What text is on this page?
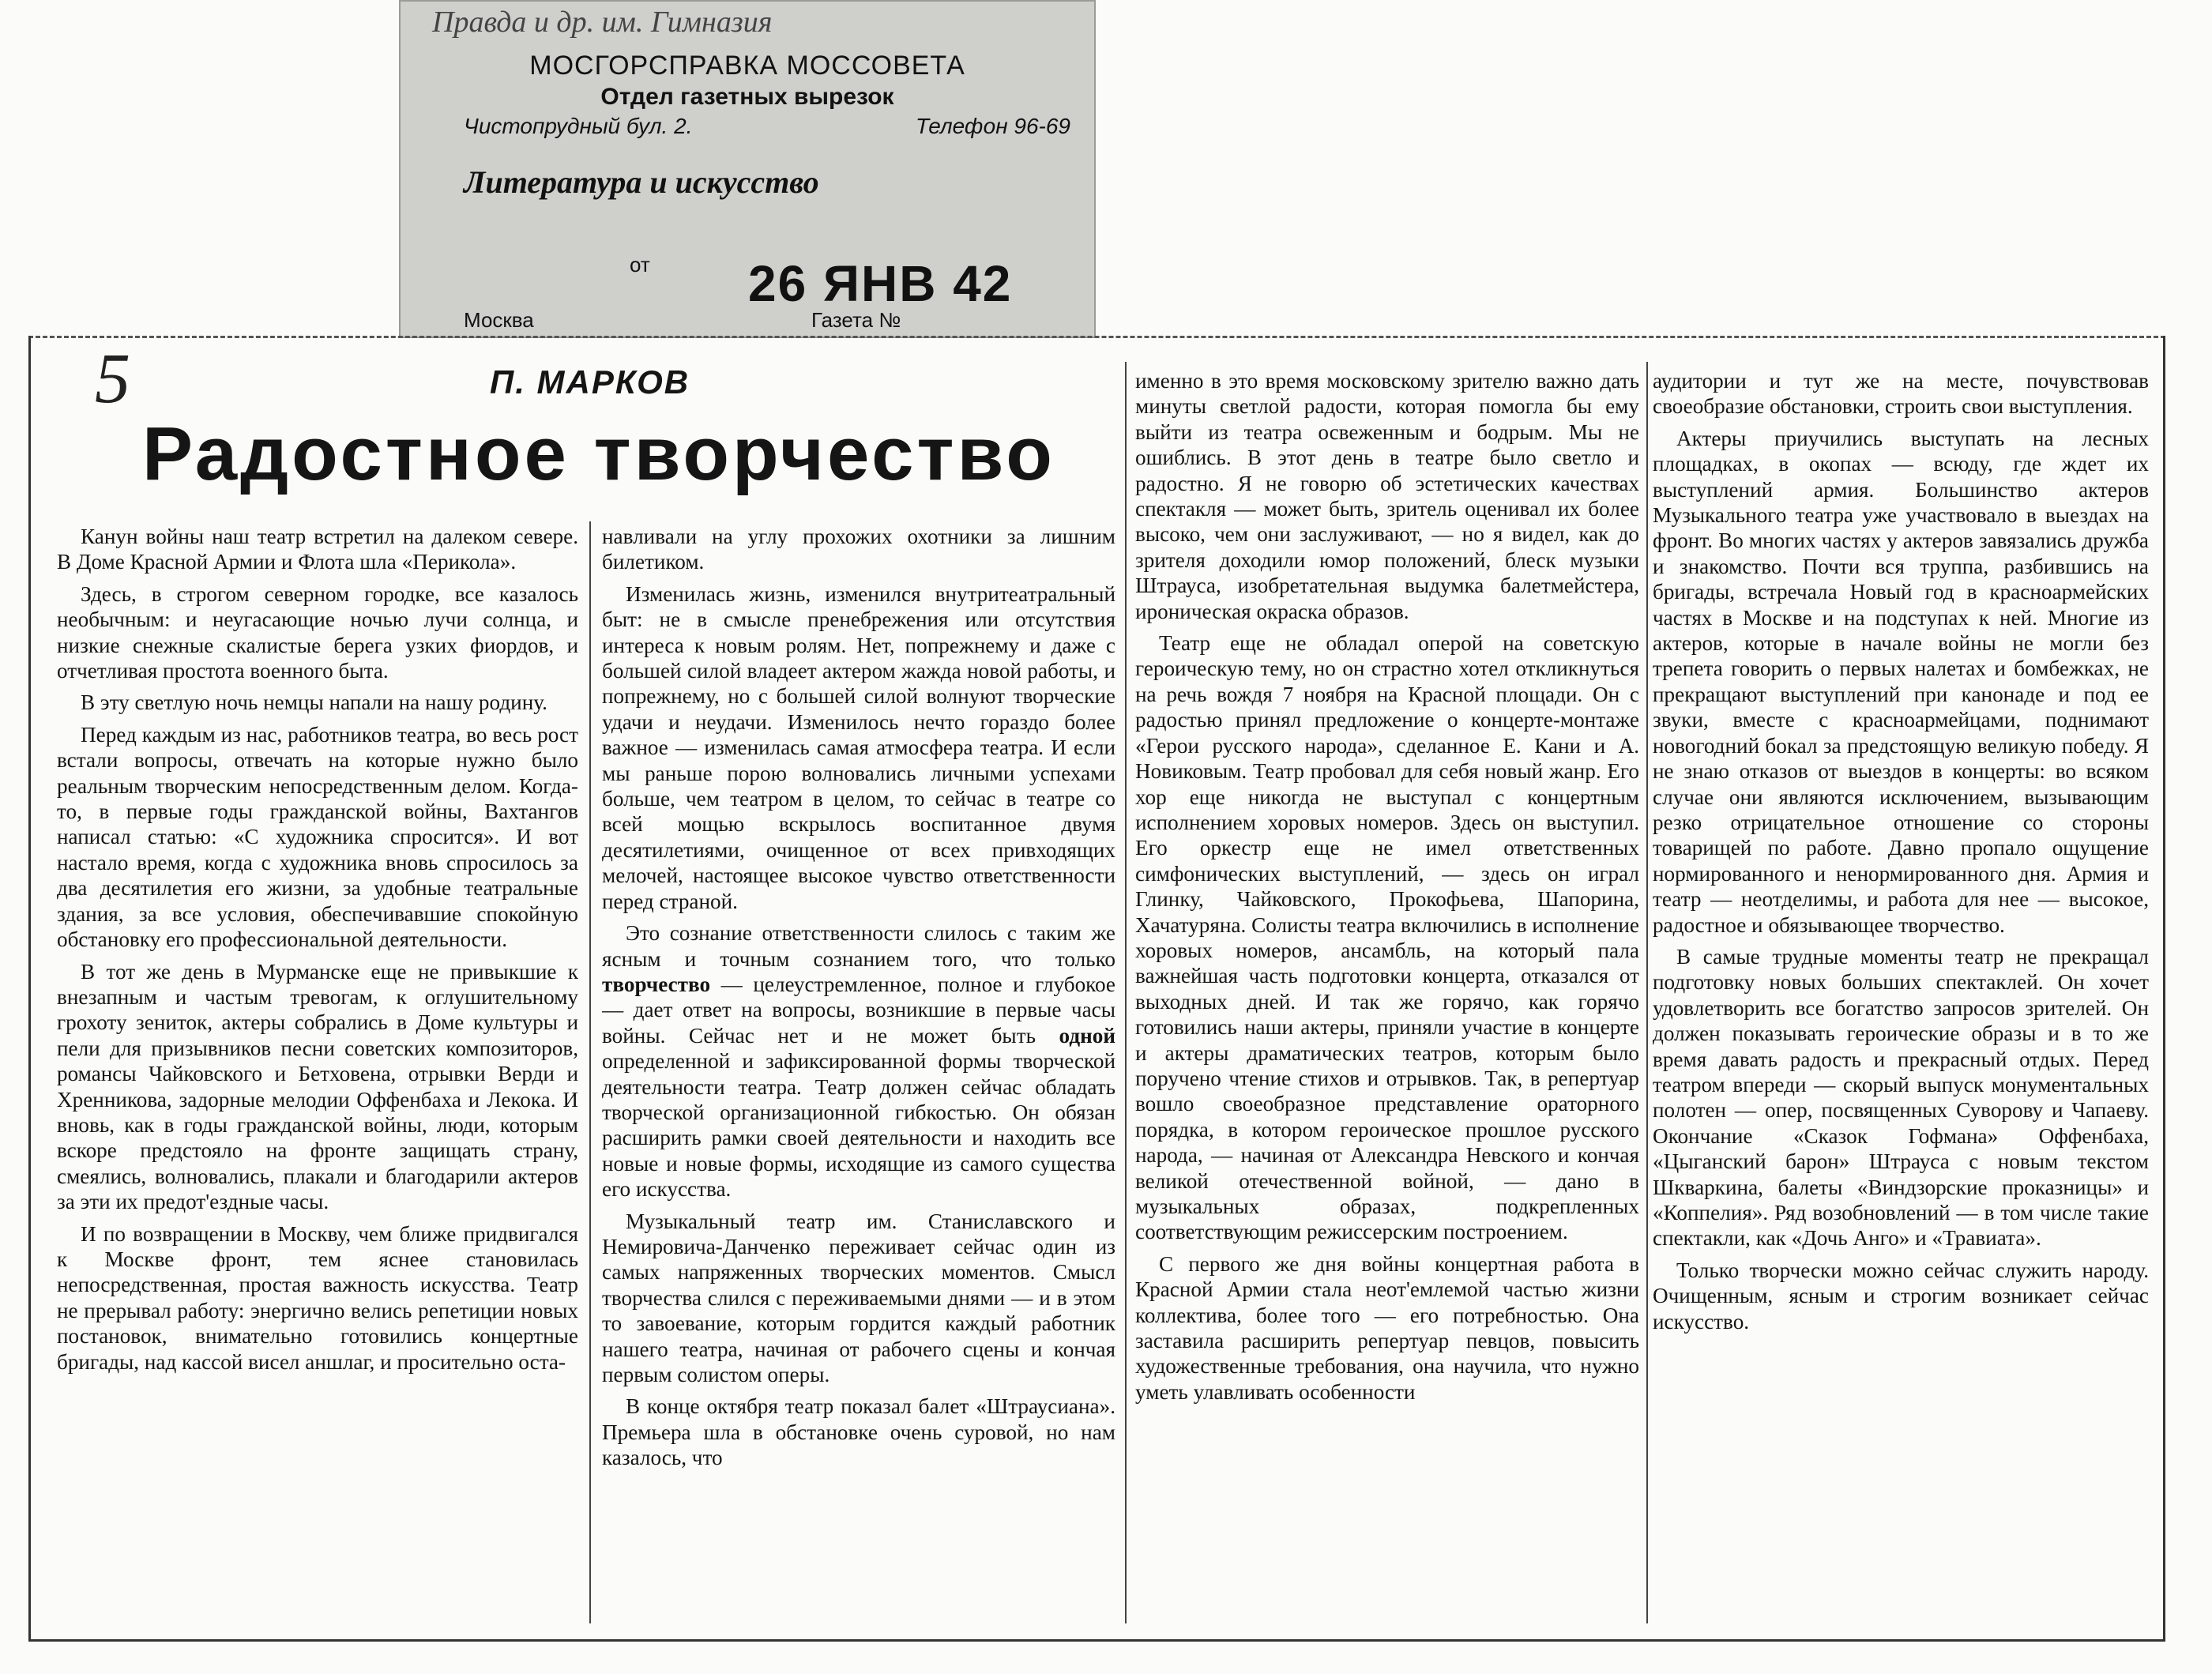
Правда и др. им. Гимназия
МОСГОРСПРАВКА МОССОВЕТА
Отдел газетных вырезок
Чистопрудный бул. 2.	Телефон 96-69
Литература и искусство
от 26 ЯНВ 42
Москва	Газета №
5	П. МАРКОВ
Радостное творчество

Канун войны наш театр встретил на далеком севере. В Доме Красной Армии и Флота шла «Перикола».

Здесь, в строгом северном городке, все казалось необычным: и неугасающие ночью лучи солнца, и низкие снежные скалистые берега узких фиордов, и отчетливая простота военного быта.

В эту светлую ночь немцы напали на нашу родину.

Перед каждым из нас, работников театра, во весь рост встали вопросы, отвечать на которые нужно было реальным творческим непосредственным делом. Когда-то, в первые годы гражданской войны, Вахтангов написал статью: «С художника спросится». И вот настало время, когда с художника вновь спросилось за два десятилетия его жизни, за удобные театральные здания, за все условия, обеспечивавшие спокойную обстановку его профессиональной деятельности.

В тот же день в Мурманске еще не привыкшие к внезапным и частым тревогам, к оглушительному грохоту зениток, актеры собрались в Доме культуры и пели для призывников песни советских композиторов, романсы Чайковского и Бетховена, отрывки Верди и Хренникова, задорные мелодии Оффенбаха и Лекока. И вновь, как в годы гражданской войны, люди, которым вскоре предстояло на фронте защищать страну, смеялись, волновались, плакали и благодарили актеров за эти их предот'ездные часы.

И по возвращении в Москву, чем ближе придвигался к Москве фронт, тем яснее становилась непосредственная, простая важность искусства. Театр не прерывал работу: энергично велись репетиции новых постановок, внимательно готовились концертные бригады, над кассой висел аншлаг, и просительно оста-

навливали на углу прохожих охотники за лишним билетиком.

Изменилась жизнь, изменился внутритеатральный быт: не в смысле пренебрежения или отсутствия интереса к новым ролям. Нет, попрежнему и даже с большей силой владеет актером жажда новой работы, и попрежнему, но с большей силой волнуют творческие удачи и неудачи. Изменилось нечто гораздо более важное — изменилась самая атмосфера театра. И если мы раньше порою волновались личными успехами больше, чем театром в целом, то сейчас в театре со всей мощью вскрылось воспитанное двумя десятилетиями, очищенное от всех привходящих мелочей, настоящее высокое чувство ответственности перед страной.

Это сознание ответственности слилось с таким же ясным и точным сознанием того, что только творчество — целеустремленное, полное и глубокое — дает ответ на вопросы, возникшие в первые часы войны. Сейчас нет и не может быть одной определенной и зафиксированной формы творческой деятельности театра. Театр должен сейчас обладать творческой организационной гибкостью. Он обязан расширить рамки своей деятельности и находить все новые и новые формы, исходящие из самого существа его искусства.

Музыкальный театр им. Станиславского и Немировича-Данченко переживает сейчас один из самых напряженных творческих моментов. Смысл творчества слился с переживаемыми днями — и в этом то завоевание, которым гордится каждый работник нашего театра, начиная от рабочего сцены и кончая первым солистом оперы.

В конце октября театр показал балет «Штраусиана». Премьера шла в обстановке очень суровой, но нам казалось, что

именно в это время московскому зрителю важно дать минуты светлой радости, которая помогла бы ему выйти из театра освеженным и бодрым. Мы не ошиблись. В этот день в театре было светло и радостно. Я не говорю об эстетических качествах спектакля — может быть, зритель оценивал их более высоко, чем они заслуживают, — но я видел, как до зрителя доходили юмор положений, блеск музыки Штрауса, изобретательная выдумка балетмейстера, ироническая окраска образов.

Театр еще не обладал оперой на советскую героическую тему, но он страстно хотел откликнуться на речь вождя 7 ноября на Красной площади. Он с радостью принял предложение о концерте-монтаже «Герои русского народа», сделанное Е. Кани и А. Новиковым. Театр пробовал для себя новый жанр. Его хор еще никогда не выступал с концертным исполнением хоровых номеров. Здесь он выступил. Его оркестр еще не имел ответственных симфонических выступлений, — здесь он играл Глинку, Чайковского, Прокофьева, Шапорина, Хачатуряна. Солисты театра включились в исполнение хоровых номеров, ансамбль, на который пала важнейшая часть подготовки концерта, отказался от выходных дней. И так же горячо, как горячо готовились наши актеры, приняли участие в концерте и актеры драматических театров, которым было поручено чтение стихов и отрывков. Так, в репертуар вошло своеобразное представление ораторного порядка, в котором героическое прошлое русского народа, — начиная от Александра Невского и кончая великой отечественной войной, — дано в музыкальных образах, подкрепленных соответствующим режиссерским построением.

С первого же дня войны концертная работа в Красной Армии стала неот'емлемой частью жизни коллектива, более того — его потребностью. Она заставила расширить репертуар певцов, повысить художественные требования, она научила, что нужно уметь улавливать особенности

аудитории и тут же на месте, почувствовав своеобразие обстановки, строить свои выступления.

Актеры приучились выступать на лесных площадках, в окопах — всюду, где ждет их выступлений армия. Большинство актеров Музыкального театра уже участвовало в выездах на фронт. Во многих частях у актеров завязались дружба и знакомство. Почти вся труппа, разбившись на бригады, встречала Новый год в красноармейских частях в Москве и на подступах к ней. Многие из актеров, которые в начале войны не могли без трепета говорить о первых налетах и бомбежках, не прекращают выступлений при канонаде и под ее звуки, вместе с красноармейцами, поднимают новогодний бокал за предстоящую великую победу. Я не знаю отказов от выездов в концерты: во всяком случае они являются исключением, вызывающим резко отрицательное отношение со стороны товарищей по работе. Давно пропало ощущение нормированного и ненормированного дня. Армия и театр — неотделимы, и работа для нее — высокое, радостное и обязывающее творчество.

В самые трудные моменты театр не прекращал подготовку новых больших спектаклей. Он хочет удовлетворить все богатство запросов зрителей. Он должен показывать героические образы и в то же время давать радость и прекрасный отдых. Перед театром впереди — скорый выпуск монументальных полотен — опер, посвященных Суворову и Чапаеву. Окончание «Сказок Гофмана» Оффенбаха, «Цыганский барон» Штрауса с новым текстом Шкваркина, балеты «Виндзорские проказницы» и «Коппелия». Ряд возобновлений — в том числе такие спектакли, как «Дочь Анго» и «Травиата».

Только творчески можно сейчас служить народу. Очищенным, ясным и строгим возникает сейчас искусство.
